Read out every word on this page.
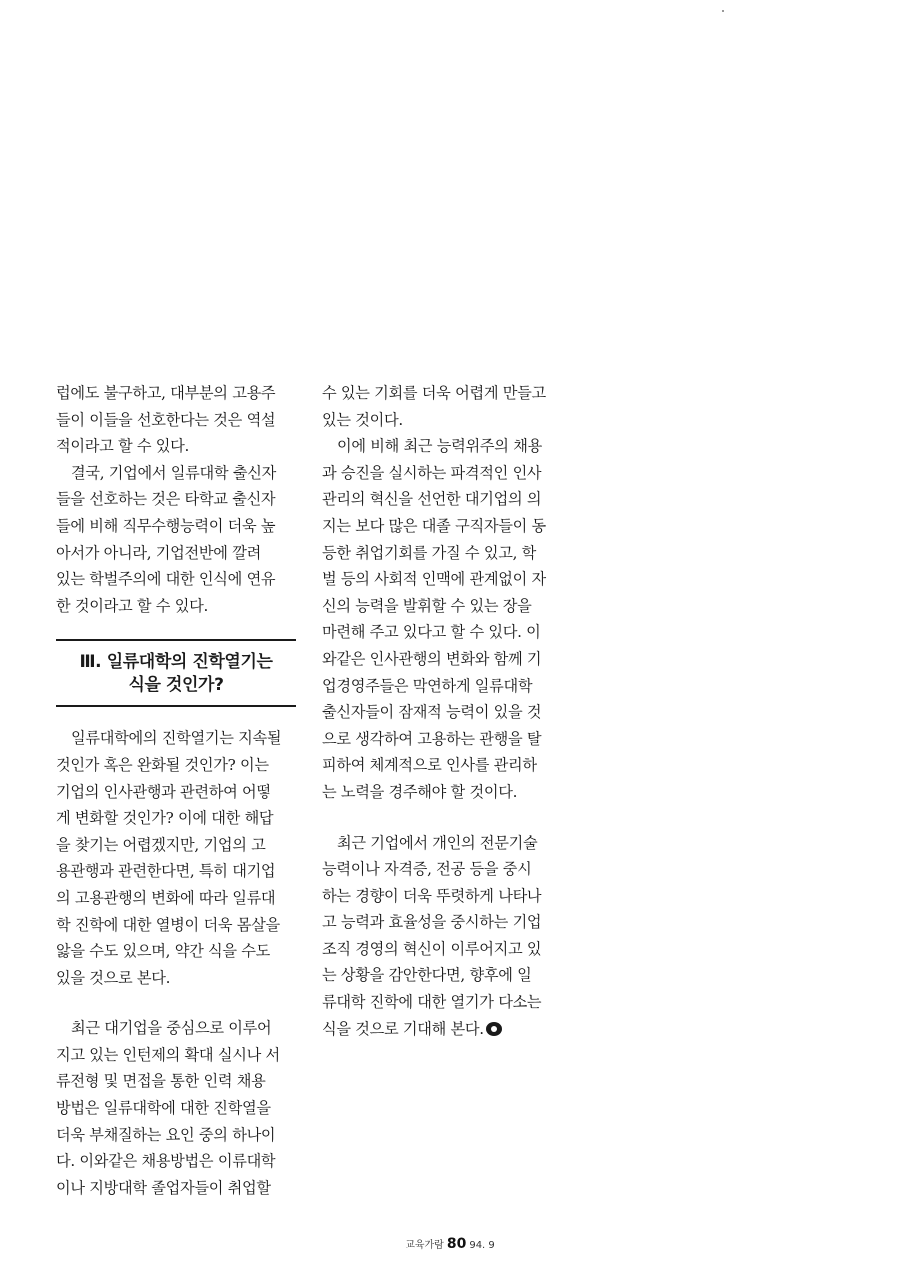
럽에도 불구하고, 대부분의 고용주

들이 이들을 선호한다는 것은 역설

적이라고 할 수 있다.

결국, 기업에서 일류대학 출신자

들을 선호하는 것은 타학교 출신자

들에 비해 직무수행능력이 더욱 높

아서가 아니라, 기업전반에 깔려

있는 학벌주의에 대한 인식에 연유

한 것이라고 할 수 있다.

Ⅲ. 일류대학의 진학열기는
식을 것인가?

일류대학에의 진학열기는 지속될

것인가 혹은 완화될 것인가? 이는

기업의 인사관행과 관련하여 어떻

게 변화할 것인가? 이에 대한 해답

을 찾기는 어렵겠지만, 기업의 고

용관행과 관련한다면, 특히 대기업

의 고용관행의 변화에 따라 일류대

학 진학에 대한 열병이 더욱 몸살을

앓을 수도 있으며, 약간 식을 수도

있을 것으로 본다.

최근 대기업을 중심으로 이루어

지고 있는 인턴제의 확대 실시나 서

류전형 및 면접을 통한 인력 채용

방법은 일류대학에 대한 진학열을

더욱 부채질하는 요인 중의 하나이

다. 이와같은 채용방법은 이류대학

이나 지방대학 졸업자들이 취업할

수 있는 기회를 더욱 어렵게 만들고

있는 것이다.

이에 비해 최근 능력위주의 채용

과 승진을 실시하는 파격적인 인사

관리의 혁신을 선언한 대기업의 의

지는 보다 많은 대졸 구직자들이 동

등한 취업기회를 가질 수 있고, 학

벌 등의 사회적 인맥에 관계없이 자

신의 능력을 발휘할 수 있는 장을

마련해 주고 있다고 할 수 있다. 이

와같은 인사관행의 변화와 함께 기

업경영주들은 막연하게 일류대학

출신자들이 잠재적 능력이 있을 것

으로 생각하여 고용하는 관행을 탈

피하여 체계적으로 인사를 관리하

는 노력을 경주해야 할 것이다.

최근 기업에서 개인의 전문기술

능력이나 자격증, 전공 등을 중시

하는 경향이 더욱 뚜렷하게 나타나

고 능력과 효율성을 중시하는 기업

조직 경영의 혁신이 이루어지고 있

는 상황을 감안한다면, 향후에 일

류대학 진학에 대한 열기가 다소는

식을 것으로 기대해 본다.

교육가람 80 94. 9
